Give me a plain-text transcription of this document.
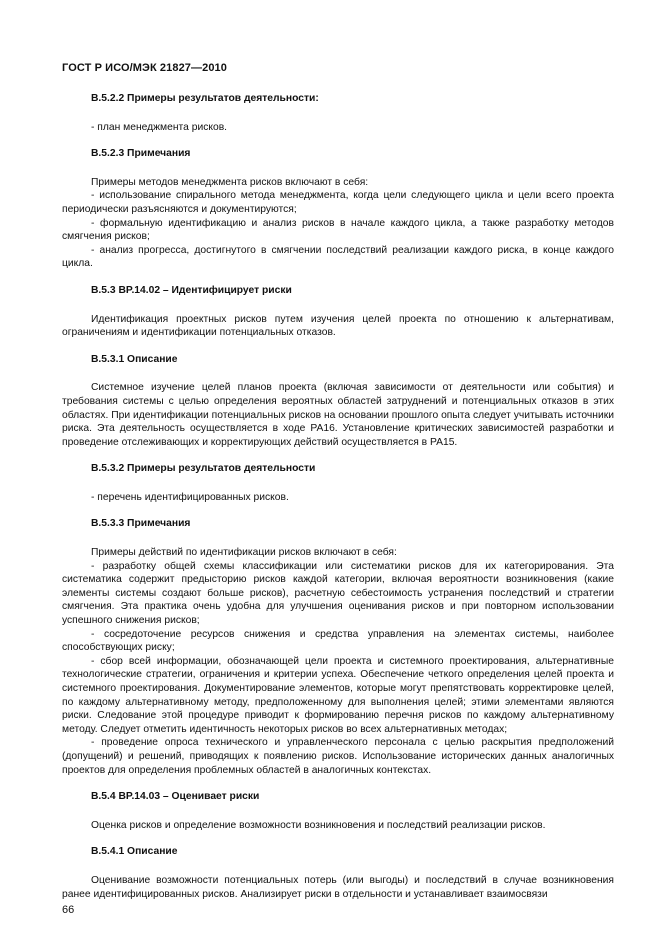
ГОСТ Р ИСО/МЭК 21827—2010
B.5.2.2 Примеры результатов деятельности:

- план менеджмента рисков.

B.5.2.3 Примечания

Примеры методов менеджмента рисков включают в себя:

- использование спирального метода менеджмента, когда цели следующего цикла и цели всего проекта периодически разъясняются и документируются;

- формальную идентификацию и анализ рисков в начале каждого цикла, а также разработку методов смягчения рисков;

- анализ прогресса, достигнутого в смягчении последствий реализации каждого риска, в конце каждого цикла.

B.5.3 BP.14.02 – Идентифицирует риски

Идентификация проектных рисков путем изучения целей проекта по отношению к альтернативам, ограничениям и идентификации потенциальных отказов.

B.5.3.1 Описание

Системное изучение целей планов проекта (включая зависимости от деятельности или события) и требования системы с целью определения вероятных областей затруднений и потенциальных отказов в этих областях. При идентификации потенциальных рисков на основании прошлого опыта следует учитывать источники риска. Эта деятельность осуществляется в ходе PA16. Установление критических зависимостей разработки и проведение отслеживающих и корректирующих действий осуществляется в PA15.

B.5.3.2 Примеры результатов деятельности

- перечень идентифицированных рисков.

B.5.3.3 Примечания

Примеры действий по идентификации рисков включают в себя:

- разработку общей схемы классификации или систематики рисков для их категорирования. Эта систематика содержит предысторию рисков каждой категории, включая вероятности возникновения (какие элементы системы создают больше рисков), расчетную себестоимость устранения последствий и стратегии смягчения. Эта практика очень удобна для улучшения оценивания рисков и при повторном использовании успешного снижения рисков;

- сосредоточение ресурсов снижения и средства управления на элементах системы, наиболее способствующих риску;

- сбор всей информации, обозначающей цели проекта и системного проектирования, альтернативные технологические стратегии, ограничения и критерии успеха. Обеспечение четкого определения целей проекта и системного проектирования. Документирование элементов, которые могут препятствовать корректировке целей, по каждому альтернативному методу, предположенному для выполнения целей; этими элементами являются риски. Следование этой процедуре приводит к формированию перечня рисков по каждому альтернативному методу. Следует отметить идентичность некоторых рисков во всех альтернативных методах;

- проведение опроса технического и управленческого персонала с целью раскрытия предположений (допущений) и решений, приводящих к появлению рисков. Использование исторических данных аналогичных проектов для определения проблемных областей в аналогичных контекстах.

B.5.4 BP.14.03 – Оценивает риски

Оценка рисков и определение возможности возникновения и последствий реализации рисков.

B.5.4.1 Описание

Оценивание возможности потенциальных потерь (или выгоды) и последствий в случае возникновения ранее идентифицированных рисков. Анализирует риски в отдельности и устанавливает взаимосвязи

66
